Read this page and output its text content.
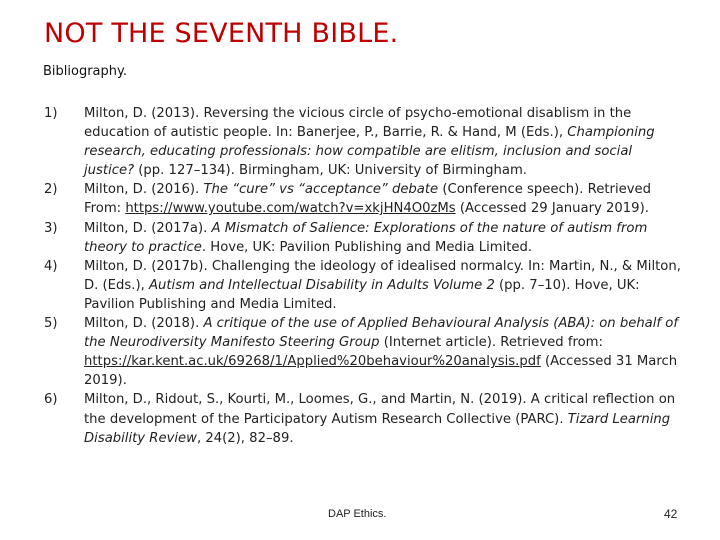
NOT THE SEVENTH BIBLE.
Bibliography.
1)	Milton, D. (2013). Reversing the vicious circle of psycho-emotional disablism in the education of autistic people. In: Banerjee, P., Barrie, R. & Hand, M (Eds.), Championing research, educating professionals: how compatible are elitism, inclusion and social justice? (pp. 127–134). Birmingham, UK: University of Birmingham.
2)	Milton, D. (2016). The “cure” vs “acceptance” debate (Conference speech). Retrieved From: https://www.youtube.com/watch?v=xkjHN4O0zMs (Accessed 29 January 2019).
3)	Milton, D. (2017a). A Mismatch of Salience: Explorations of the nature of autism from theory to practice. Hove, UK: Pavilion Publishing and Media Limited.
4)	Milton, D. (2017b). Challenging the ideology of idealised normalcy. In: Martin, N., & Milton, D. (Eds.), Autism and Intellectual Disability in Adults Volume 2 (pp. 7–10). Hove, UK: Pavilion Publishing and Media Limited.
5)	Milton, D. (2018). A critique of the use of Applied Behavioural Analysis (ABA): on behalf of the Neurodiversity Manifesto Steering Group (Internet article). Retrieved from: https://kar.kent.ac.uk/69268/1/Applied%20behaviour%20analysis.pdf (Accessed 31 March 2019).
6)	Milton, D., Ridout, S., Kourti, M., Loomes, G., and Martin, N. (2019). A critical reflection on the development of the Participatory Autism Research Collective (PARC). Tizard Learning Disability Review, 24(2), 82–89.
DAP Ethics.	42
